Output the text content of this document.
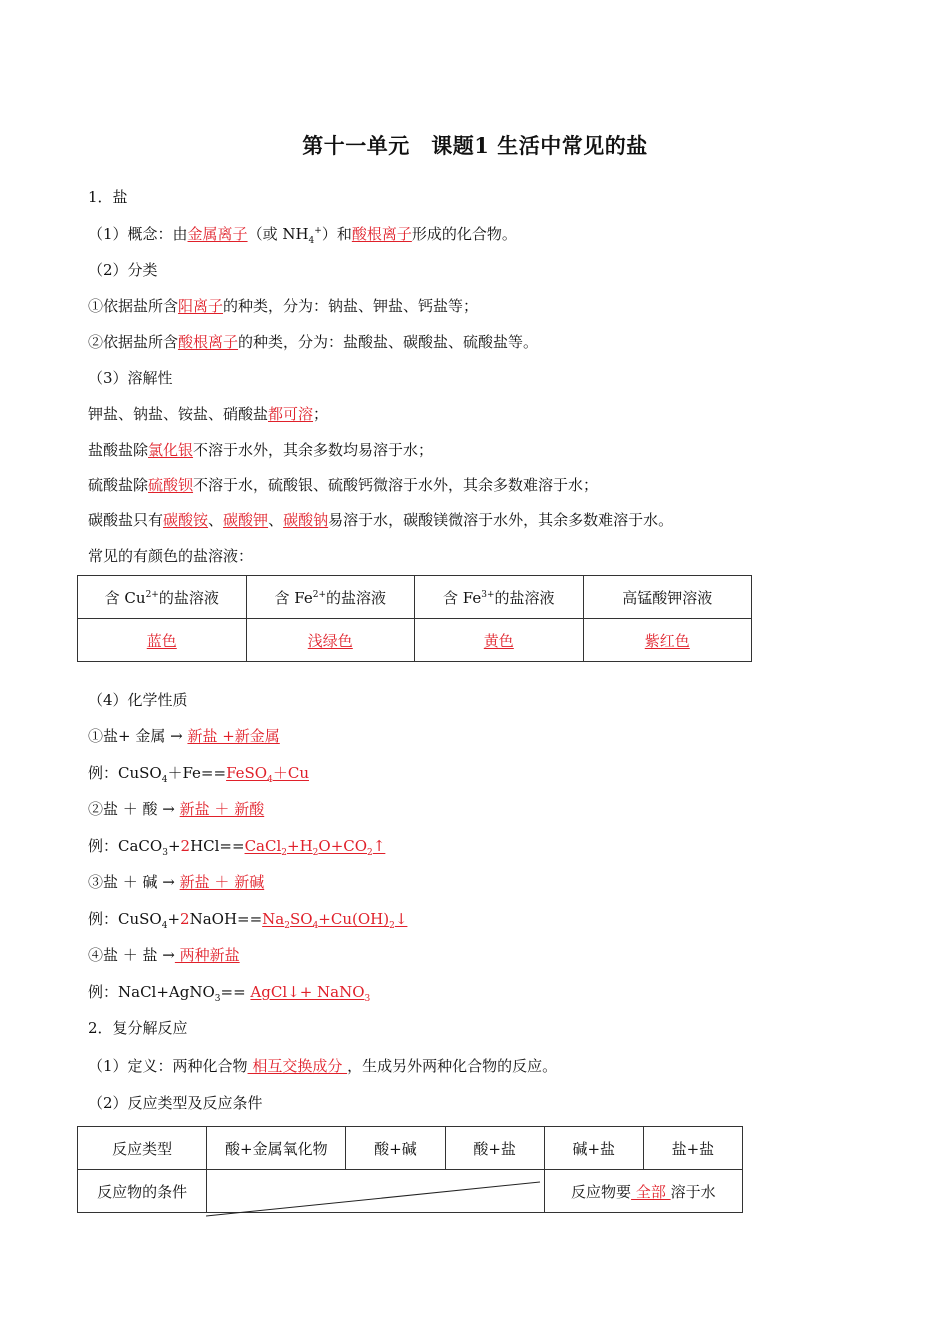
第十一单元　课题1 生活中常见的盐
1．盐
（1）概念：由金属离子（或 $NH_4^+$）和酸根离子形成的化合物。
（2）分类
①依据盐所含阳离子的种类，分为：钠盐、钾盐、钙盐等；
②依据盐所含酸根离子的种类，分为：盐酸盐、碳酸盐、硫酸盐等。
（3）溶解性
钾盐、钠盐、铵盐、硝酸盐都可溶；
盐酸盐除氯化银不溶于水外，其余多数均易溶于水；
硫酸盐除硫酸钡不溶于水，硫酸银、硫酸钙微溶于水外，其余多数难溶于水；
碳酸盐只有碳酸铵、碳酸钾、碳酸钠易溶于水，碳酸镁微溶于水外，其余多数难溶于水。
常见的有颜色的盐溶液：
含 $Cu^{2+}$的盐溶液	含 $Fe^{2+}$的盐溶液	含 $Fe^{3+}$的盐溶液	高锰酸钾溶液
蓝色	浅绿色	黄色	紫红色
（4）化学性质
①盐+ 金属 → 新盐 +新金属
例：CuSO$_4$＋Fe==FeSO$_4$＋Cu
②盐 ＋ 酸 → 新盐 ＋ 新酸
例：$CaCO_3+2HCl==CaCl_2+H_2O+CO_2↑$
③盐 ＋ 碱 → 新盐 ＋ 新碱
例：$CuSO_4+2NaOH==Na_2SO_4+Cu(OH)_2↓$
④盐 ＋ 盐 → 两种新盐
例：NaCl+AgNO$_3$== AgCl↓+ NaNO$_3$
2．复分解反应
（1）定义：两种化合物 相互交换成分 ，生成另外两种化合物的反应。
（2）反应类型及反应条件
反应类型	酸+金属氧化物	酸+碱	酸+盐	碱+盐	盐+盐
反应物的条件				反应物要 全部 溶于水	
